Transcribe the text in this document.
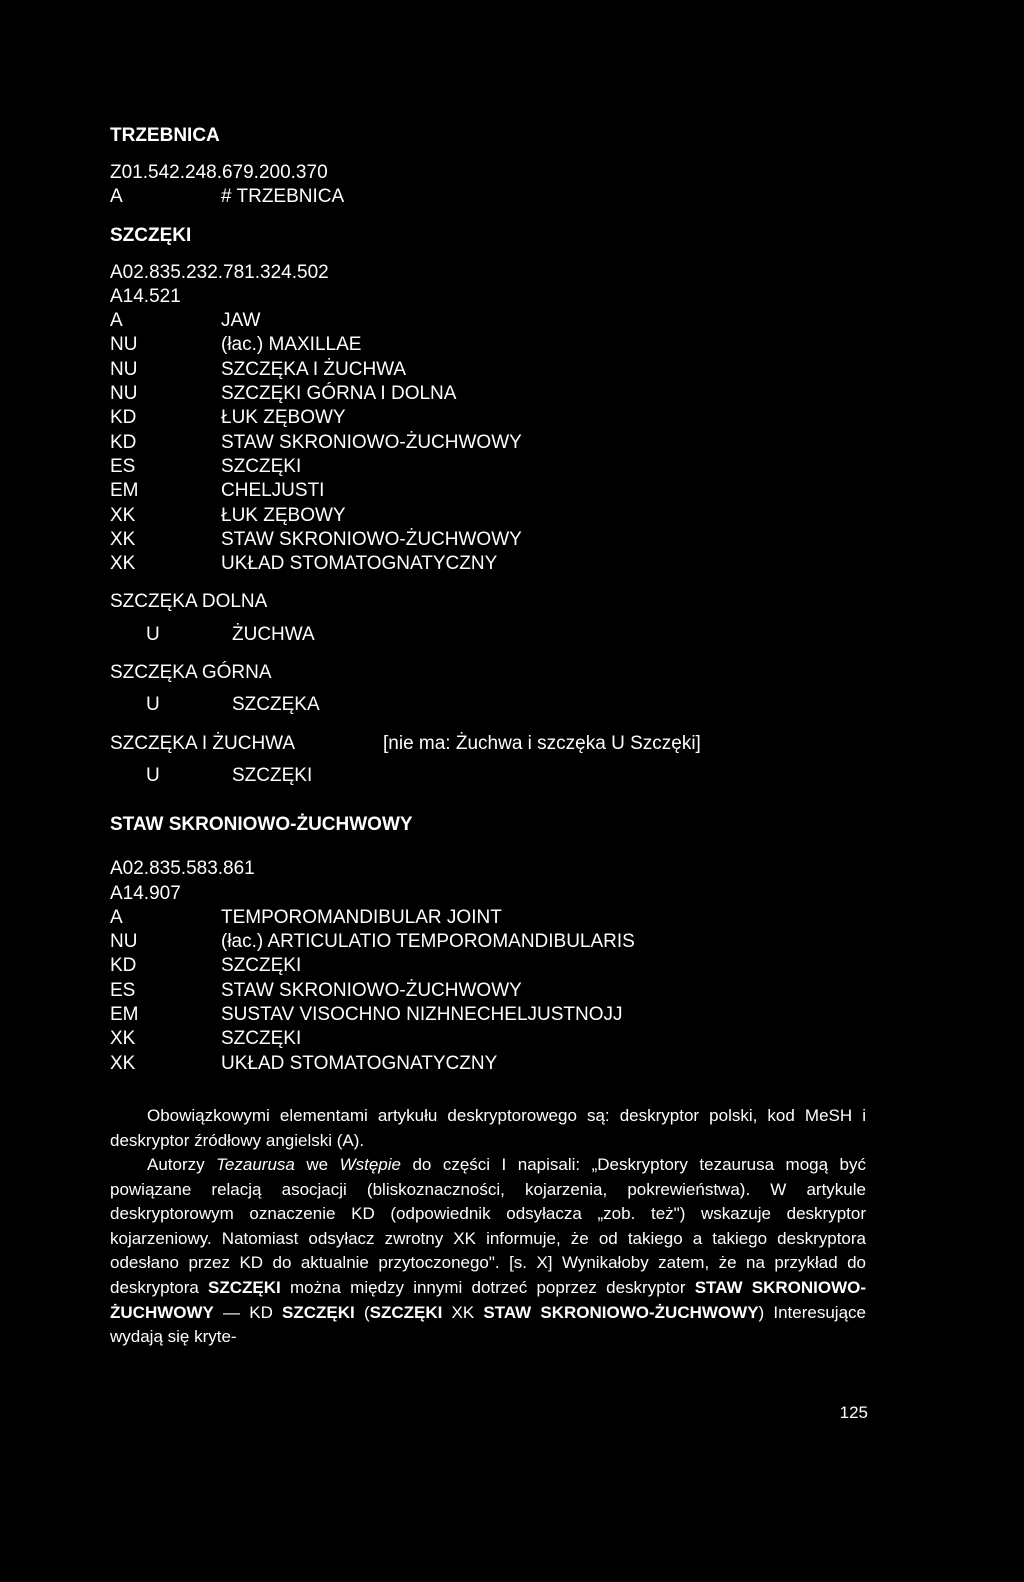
TRZEBNICA
Z01.542.248.679.200.370
A	# TRZEBNICA
SZCZĘKI
A02.835.232.781.324.502
A14.521
A	JAW
NU	(łac.) MAXILLAE
NU	SZCZĘKA I ŻUCHWA
NU	SZCZĘKI GÓRNA I DOLNA
KD	ŁUK ZĘBOWY
KD	STAW SKRONIOWO-ŻUCHWOWY
ES	SZCZĘKI
EM	CHELJUSTI
XK	ŁUK ZĘBOWY
XK	STAW SKRONIOWO-ŻUCHWOWY
XK	UKŁAD STOMATOGNATYCZNY
SZCZĘKA DOLNA
U	ŻUCHWA
SZCZĘKA GÓRNA
U	SZCZĘKA
SZCZĘKA I ŻUCHWA	[nie ma: Żuchwa i szczęka U Szczęki]
U	SZCZĘKI
STAW SKRONIOWO-ŻUCHWOWY
A02.835.583.861
A14.907
A	TEMPOROMANDIBULAR JOINT
NU	(łac.) ARTICULATIO TEMPOROMANDIBULARIS
KD	SZCZĘKI
ES	STAW SKRONIOWO-ŻUCHWOWY
EM	SUSTAV VISOCHNO NIZHNECHELJUSTNOJJ
XK	SZCZĘKI
XK	UKŁAD STOMATOGNATYCZNY

Obowiązkowymi elementami artykułu deskryptorowego są: deskryptor polski, kod MeSH i deskryptor źródłowy angielski (A).

Autorzy Tezaurusa we Wstępie do części I napisali: „Deskryptory tezaurusa mogą być powiązane relacją asocjacji (bliskoznaczności, kojarzenia, pokrewieństwa). W artykule deskryptorowym oznaczenie KD (odpowiednik odsyłacza „zob. też") wskazuje deskryptor kojarzeniowy. Natomiast odsyłacz zwrotny XK informuje, że od takiego a takiego deskryptora odesłano przez KD do aktualnie przytoczonego". [s. X] Wynikałoby zatem, że na przykład do deskryptora SZCZĘKI można między innymi dotrzeć poprzez deskryptor STAW SKRONIOWO-ŻUCHWOWY — KD SZCZĘKI (SZCZĘKI XK STAW SKRONIOWO-ŻUCHWOWY) Interesujące wydają się kryte-

125
